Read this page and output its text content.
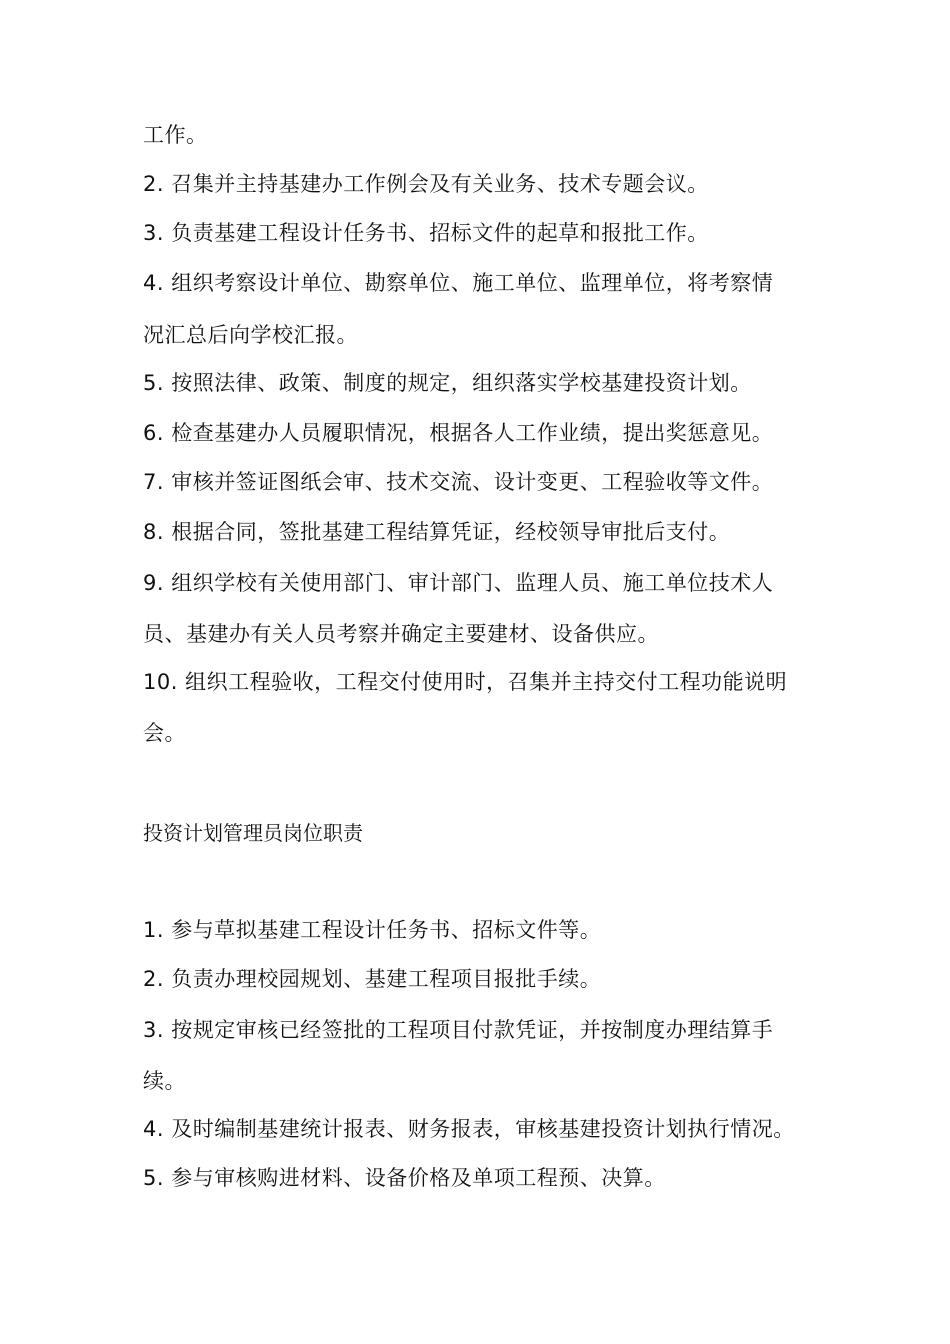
工作。
2. 召集并主持基建办工作例会及有关业务、技术专题会议。
3. 负责基建工程设计任务书、招标文件的起草和报批工作。
4. 组织考察设计单位、勘察单位、施工单位、监理单位，将考察情
况汇总后向学校汇报。
5. 按照法律、政策、制度的规定，组织落实学校基建投资计划。
6. 检查基建办人员履职情况，根据各人工作业绩，提出奖惩意见。
7. 审核并签证图纸会审、技术交流、设计变更、工程验收等文件。
8. 根据合同，签批基建工程结算凭证，经校领导审批后支付。
9. 组织学校有关使用部门、审计部门、监理人员、施工单位技术人
员、基建办有关人员考察并确定主要建材、设备供应。
10. 组织工程验收，工程交付使用时，召集并主持交付工程功能说明
会。
投资计划管理员岗位职责
1. 参与草拟基建工程设计任务书、招标文件等。
2. 负责办理校园规划、基建工程项目报批手续。
3. 按规定审核已经签批的工程项目付款凭证，并按制度办理结算手
续。
4. 及时编制基建统计报表、财务报表，审核基建投资计划执行情况。
5. 参与审核购进材料、设备价格及单项工程预、决算。
